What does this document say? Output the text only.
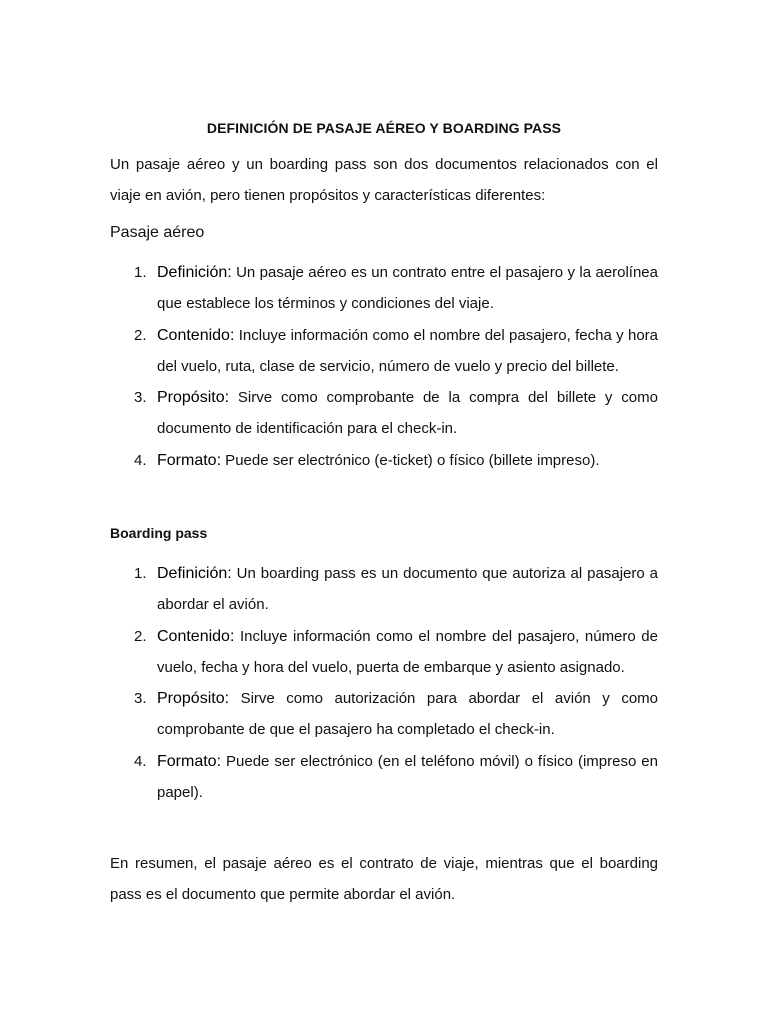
DEFINICIÓN DE PASAJE AÉREO Y BOARDING PASS
Un pasaje aéreo y un boarding pass son dos documentos relacionados con el viaje en avión, pero tienen propósitos y características diferentes:
Pasaje aéreo
1. Definición: Un pasaje aéreo es un contrato entre el pasajero y la aerolínea que establece los términos y condiciones del viaje.
2. Contenido: Incluye información como el nombre del pasajero, fecha y hora del vuelo, ruta, clase de servicio, número de vuelo y precio del billete.
3. Propósito: Sirve como comprobante de la compra del billete y como documento de identificación para el check-in.
4. Formato: Puede ser electrónico (e-ticket) o físico (billete impreso).
Boarding pass
1. Definición: Un boarding pass es un documento que autoriza al pasajero a abordar el avión.
2. Contenido: Incluye información como el nombre del pasajero, número de vuelo, fecha y hora del vuelo, puerta de embarque y asiento asignado.
3. Propósito: Sirve como autorización para abordar el avión y como comprobante de que el pasajero ha completado el check-in.
4. Formato: Puede ser electrónico (en el teléfono móvil) o físico (impreso en papel).
En resumen, el pasaje aéreo es el contrato de viaje, mientras que el boarding pass es el documento que permite abordar el avión.
